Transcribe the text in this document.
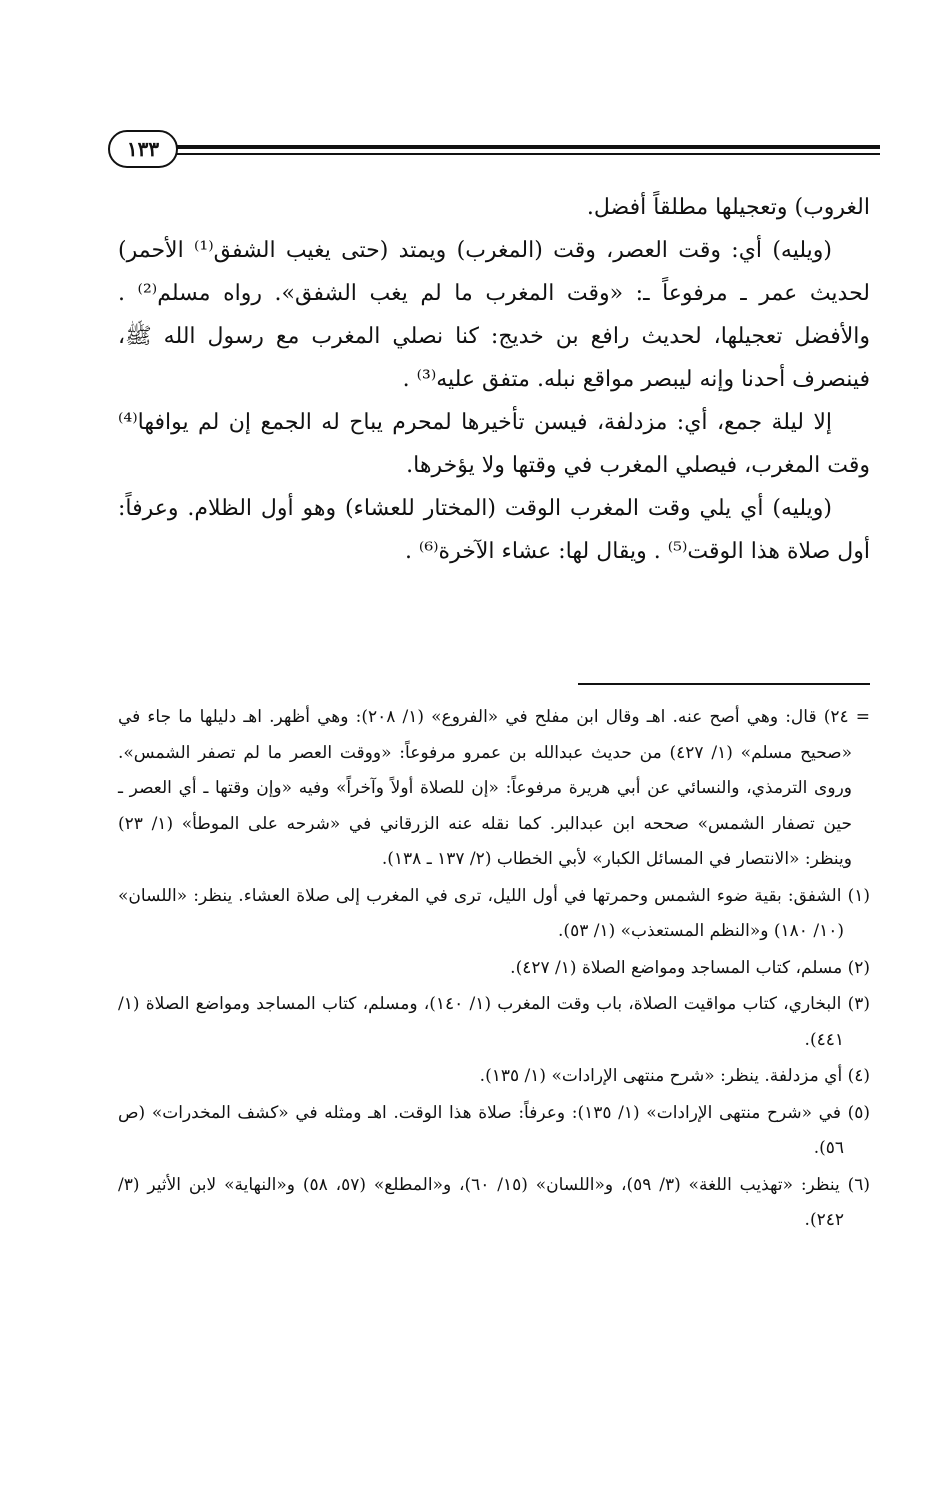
١٣٣

الغروب) وتعجيلها مطلقاً أفضل.

(ويليه) أي: وقت العصر، وقت (المغرب) ويمتد (حتى يغيب الشفق⁽¹⁾ الأحمر) لحديث عمر ـ مرفوعاً ـ: «وقت المغرب ما لم يغب الشفق». رواه مسلم⁽²⁾ . والأفضل تعجيلها، لحديث رافع بن خديج: كنا نصلي المغرب مع رسول الله ﷺ، فينصرف أحدنا وإنه ليبصر مواقع نبله. متفق عليه⁽³⁾ .

إلا ليلة جمع، أي: مزدلفة، فيسن تأخيرها لمحرم يباح له الجمع إن لم يوافها⁽⁴⁾ وقت المغرب، فيصلي المغرب في وقتها ولا يؤخرها.

(ويليه) أي يلي وقت المغرب الوقت (المختار للعشاء) وهو أول الظلام. وعرفاً: أول صلاة هذا الوقت⁽⁵⁾ . ويقال لها: عشاء الآخرة⁽⁶⁾ .

= ٢٤) قال: وهي أصح عنه. اهـ وقال ابن مفلح في «الفروع» (١/ ٢٠٨): وهي أظهر. اهـ دليلها ما جاء في «صحيح مسلم» (١/ ٤٢٧) من حديث عبدالله بن عمرو مرفوعاً: «ووقت العصر ما لم تصفر الشمس». وروى الترمذي، والنسائي عن أبي هريرة مرفوعاً: «إن للصلاة أولاً وآخراً» وفيه «وإن وقتها ـ أي العصر ـ حين تصفار الشمس» صححه ابن عبدالبر. كما نقله عنه الزرقاني في «شرحه على الموطأ» (١/ ٢٣) وينظر: «الانتصار في المسائل الكبار» لأبي الخطاب (٢/ ١٣٧ ـ ١٣٨).

(١) الشفق: بقية ضوء الشمس وحمرتها في أول الليل، ترى في المغرب إلى صلاة العشاء. ينظر: «اللسان» (١٠/ ١٨٠) و«النظم المستعذب» (١/ ٥٣).

(٢) مسلم، كتاب المساجد ومواضع الصلاة (١/ ٤٢٧).

(٣) البخاري، كتاب مواقيت الصلاة، باب وقت المغرب (١/ ١٤٠)، ومسلم، كتاب المساجد ومواضع الصلاة (١/ ٤٤١).

(٤) أي مزدلفة. ينظر: «شرح منتهى الإرادات» (١/ ١٣٥).

(٥) في «شرح منتهى الإرادات» (١/ ١٣٥): وعرفاً: صلاة هذا الوقت. اهـ ومثله في «كشف المخدرات» (ص ٥٦).

(٦) ينظر: «تهذيب اللغة» (٣/ ٥٩)، و«اللسان» (١٥/ ٦٠)، و«المطلع» (٥٧، ٥٨) و«النهاية» لابن الأثير (٣/ ٢٤٢).
